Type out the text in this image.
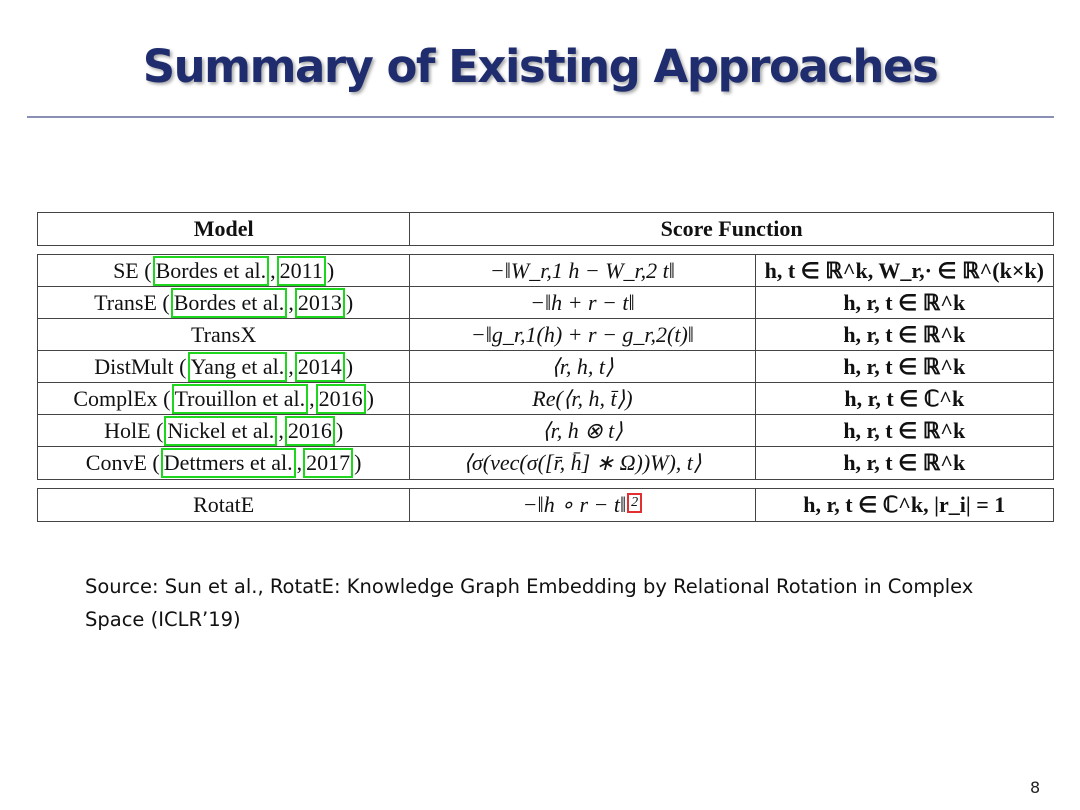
Summary of Existing Approaches
Model	Score Function
SE ( Bordes et al. , 2011 )	−‖W_r,1 h − W_r,2 t‖	h, t ∈ ℝ^k, W_r,· ∈ ℝ^(k×k)
TransE ( Bordes et al. , 2013 )	−‖h + r − t‖	h, r, t ∈ ℝ^k
TransX	−‖g_r,1(h) + r − g_r,2(t)‖	h, r, t ∈ ℝ^k
DistMult ( Yang et al. , 2014 )	⟨r, h, t⟩	h, r, t ∈ ℝ^k
ComplEx ( Trouillon et al. , 2016 )	Re(⟨r, h, t̄⟩)	h, r, t ∈ ℂ^k
HolE ( Nickel et al. , 2016 )	⟨r, h ⊗ t⟩	h, r, t ∈ ℝ^k
ConvE ( Dettmers et al. , 2017 )	⟨σ(vec(σ([r̄, h̄] ∗ Ω))W), t⟩	h, r, t ∈ ℝ^k
RotatE	−‖h ∘ r − t‖ 2	h, r, t ∈ ℂ^k, |r_i| = 1
Source: Sun et al., RotatE: Knowledge Graph Embedding by Relational Rotation in Complex Space (ICLR’19)
8
